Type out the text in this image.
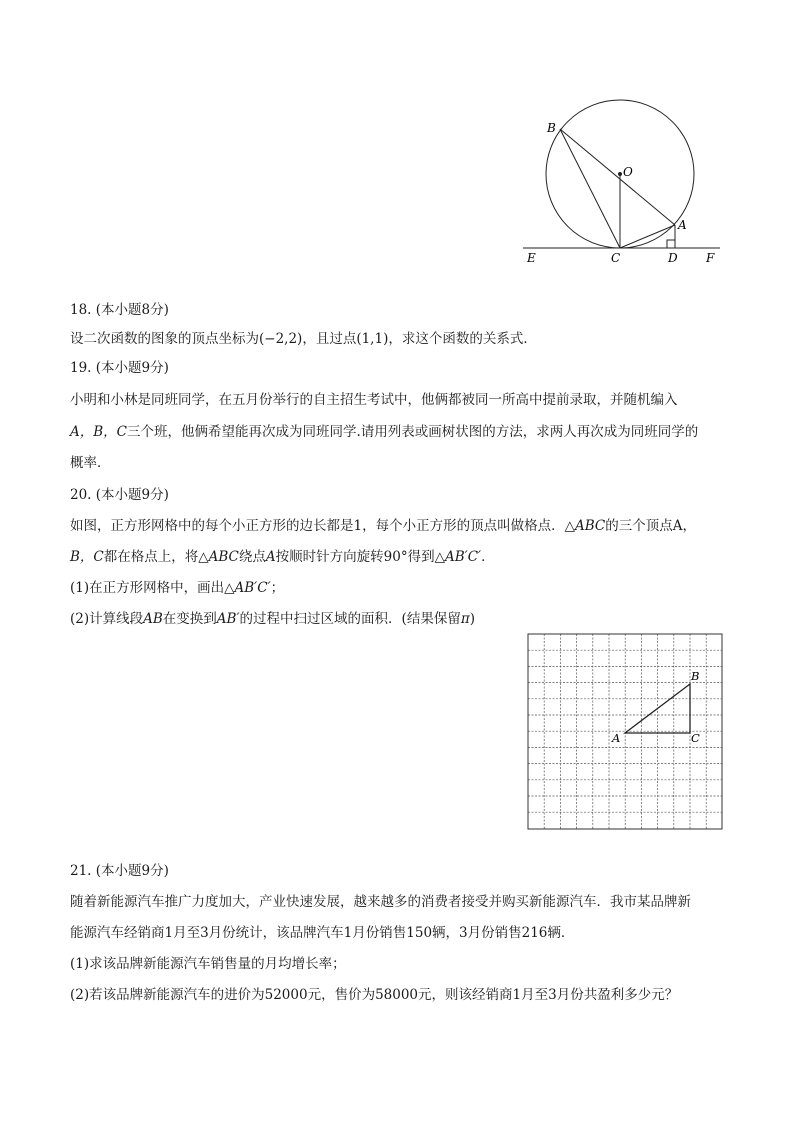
B
O
A
E	C	D F
18. (本小题8分)
设二次函数的图象的顶点坐标为(−2,2)，且过点(1,1)，求这个函数的关系式．
19. (本小题9分)
小明和小林是同班同学，在五月份举行的自主招生考试中，他俩都被同一所高中提前录取，并随机编入
A，B，C三个班，他俩希望能再次成为同班同学.请用列表或画树状图的方法，求两人再次成为同班同学的
概率．
20. (本小题9分)
如图，正方形网格中的每个小正方形的边长都是1，每个小正方形的顶点叫做格点．△ABC的三个顶点A，
B，C都在格点上，将△ABC绕点A按顺时针方向旋转90°得到△AB′C′．
(1)在正方形网格中，画出△AB′C′；
(2)计算线段AB在变换到AB′的过程中扫过区域的面积．(结果保留π)
A
B
C
21. (本小题9分)
随着新能源汽车推广力度加大，产业快速发展，越来越多的消费者接受并购买新能源汽车．我市某品牌新
能源汽车经销商1月至3月份统计，该品牌汽车1月份销售150辆，3月份销售216辆．
(1)求该品牌新能源汽车销售量的月均增长率；
(2)若该品牌新能源汽车的进价为52000元，售价为58000元，则该经销商1月至3月份共盈利多少元？
